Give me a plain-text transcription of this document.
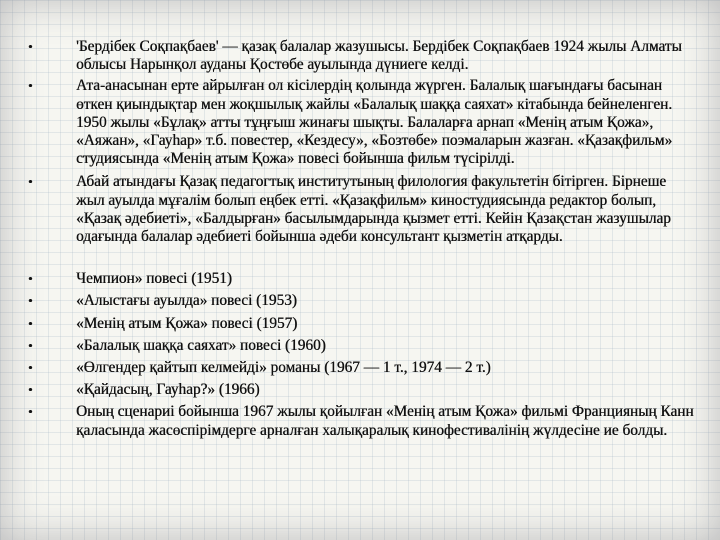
•	'Бердібек Соқпақбаев' — қазақ балалар жазушысы. Бердібек Соқпақбаев 1924 жылы Алматы облысы Нарынқол ауданы Қостөбе ауылында дүниеге келді.
•	Ата-анасынан ерте айрылған ол кісілердің қолында жүрген. Балалық шағындағы басынан өткен қиындықтар мен жоқшылық жайлы «Балалық шаққа саяхат» кітабында бейнеленген. 1950 жылы «Бұлақ» атты тұңғыш жинағы шықты. Балаларға арнап «Менің атым Қожа», «Аяжан», «Гауһар» т.б. повестер, «Кездесу», «Бозтөбе» поэмаларын жазған. «Қазақфильм» студиясында «Менің атым Қожа» повесі бойынша фильм түсірілді.
•	Абай атындағы Қазақ педагогтық институтының филология факультетін бітірген. Бірнеше жыл ауылда мұғалім болып еңбек етті. «Қазақфильм» киностудиясында редактор болып, «Қазақ әдебиеті», «Балдырған» басылымдарында қызмет етті. Кейін Қазақстан жазушылар одағында балалар әдебиеті бойынша әдеби консультант қызметін атқарды.
•	Чемпион» повесі (1951)
•	«Алыстағы ауылда» повесі (1953)
•	«Менің атым Қожа» повесі (1957)
•	«Балалық шаққа саяхат» повесі (1960)
•	«Өлгендер қайтып келмейді» романы (1967 — 1 т., 1974 — 2 т.)
•	«Қайдасың, Гауһар?» (1966)
•	Оның сценариі бойынша 1967 жылы қойылған «Менің атым Қожа» фильмі Францияның Канн қаласында жасөспірімдерге арналған халықаралық кинофестивалінің жүлдесіне ие болды.
